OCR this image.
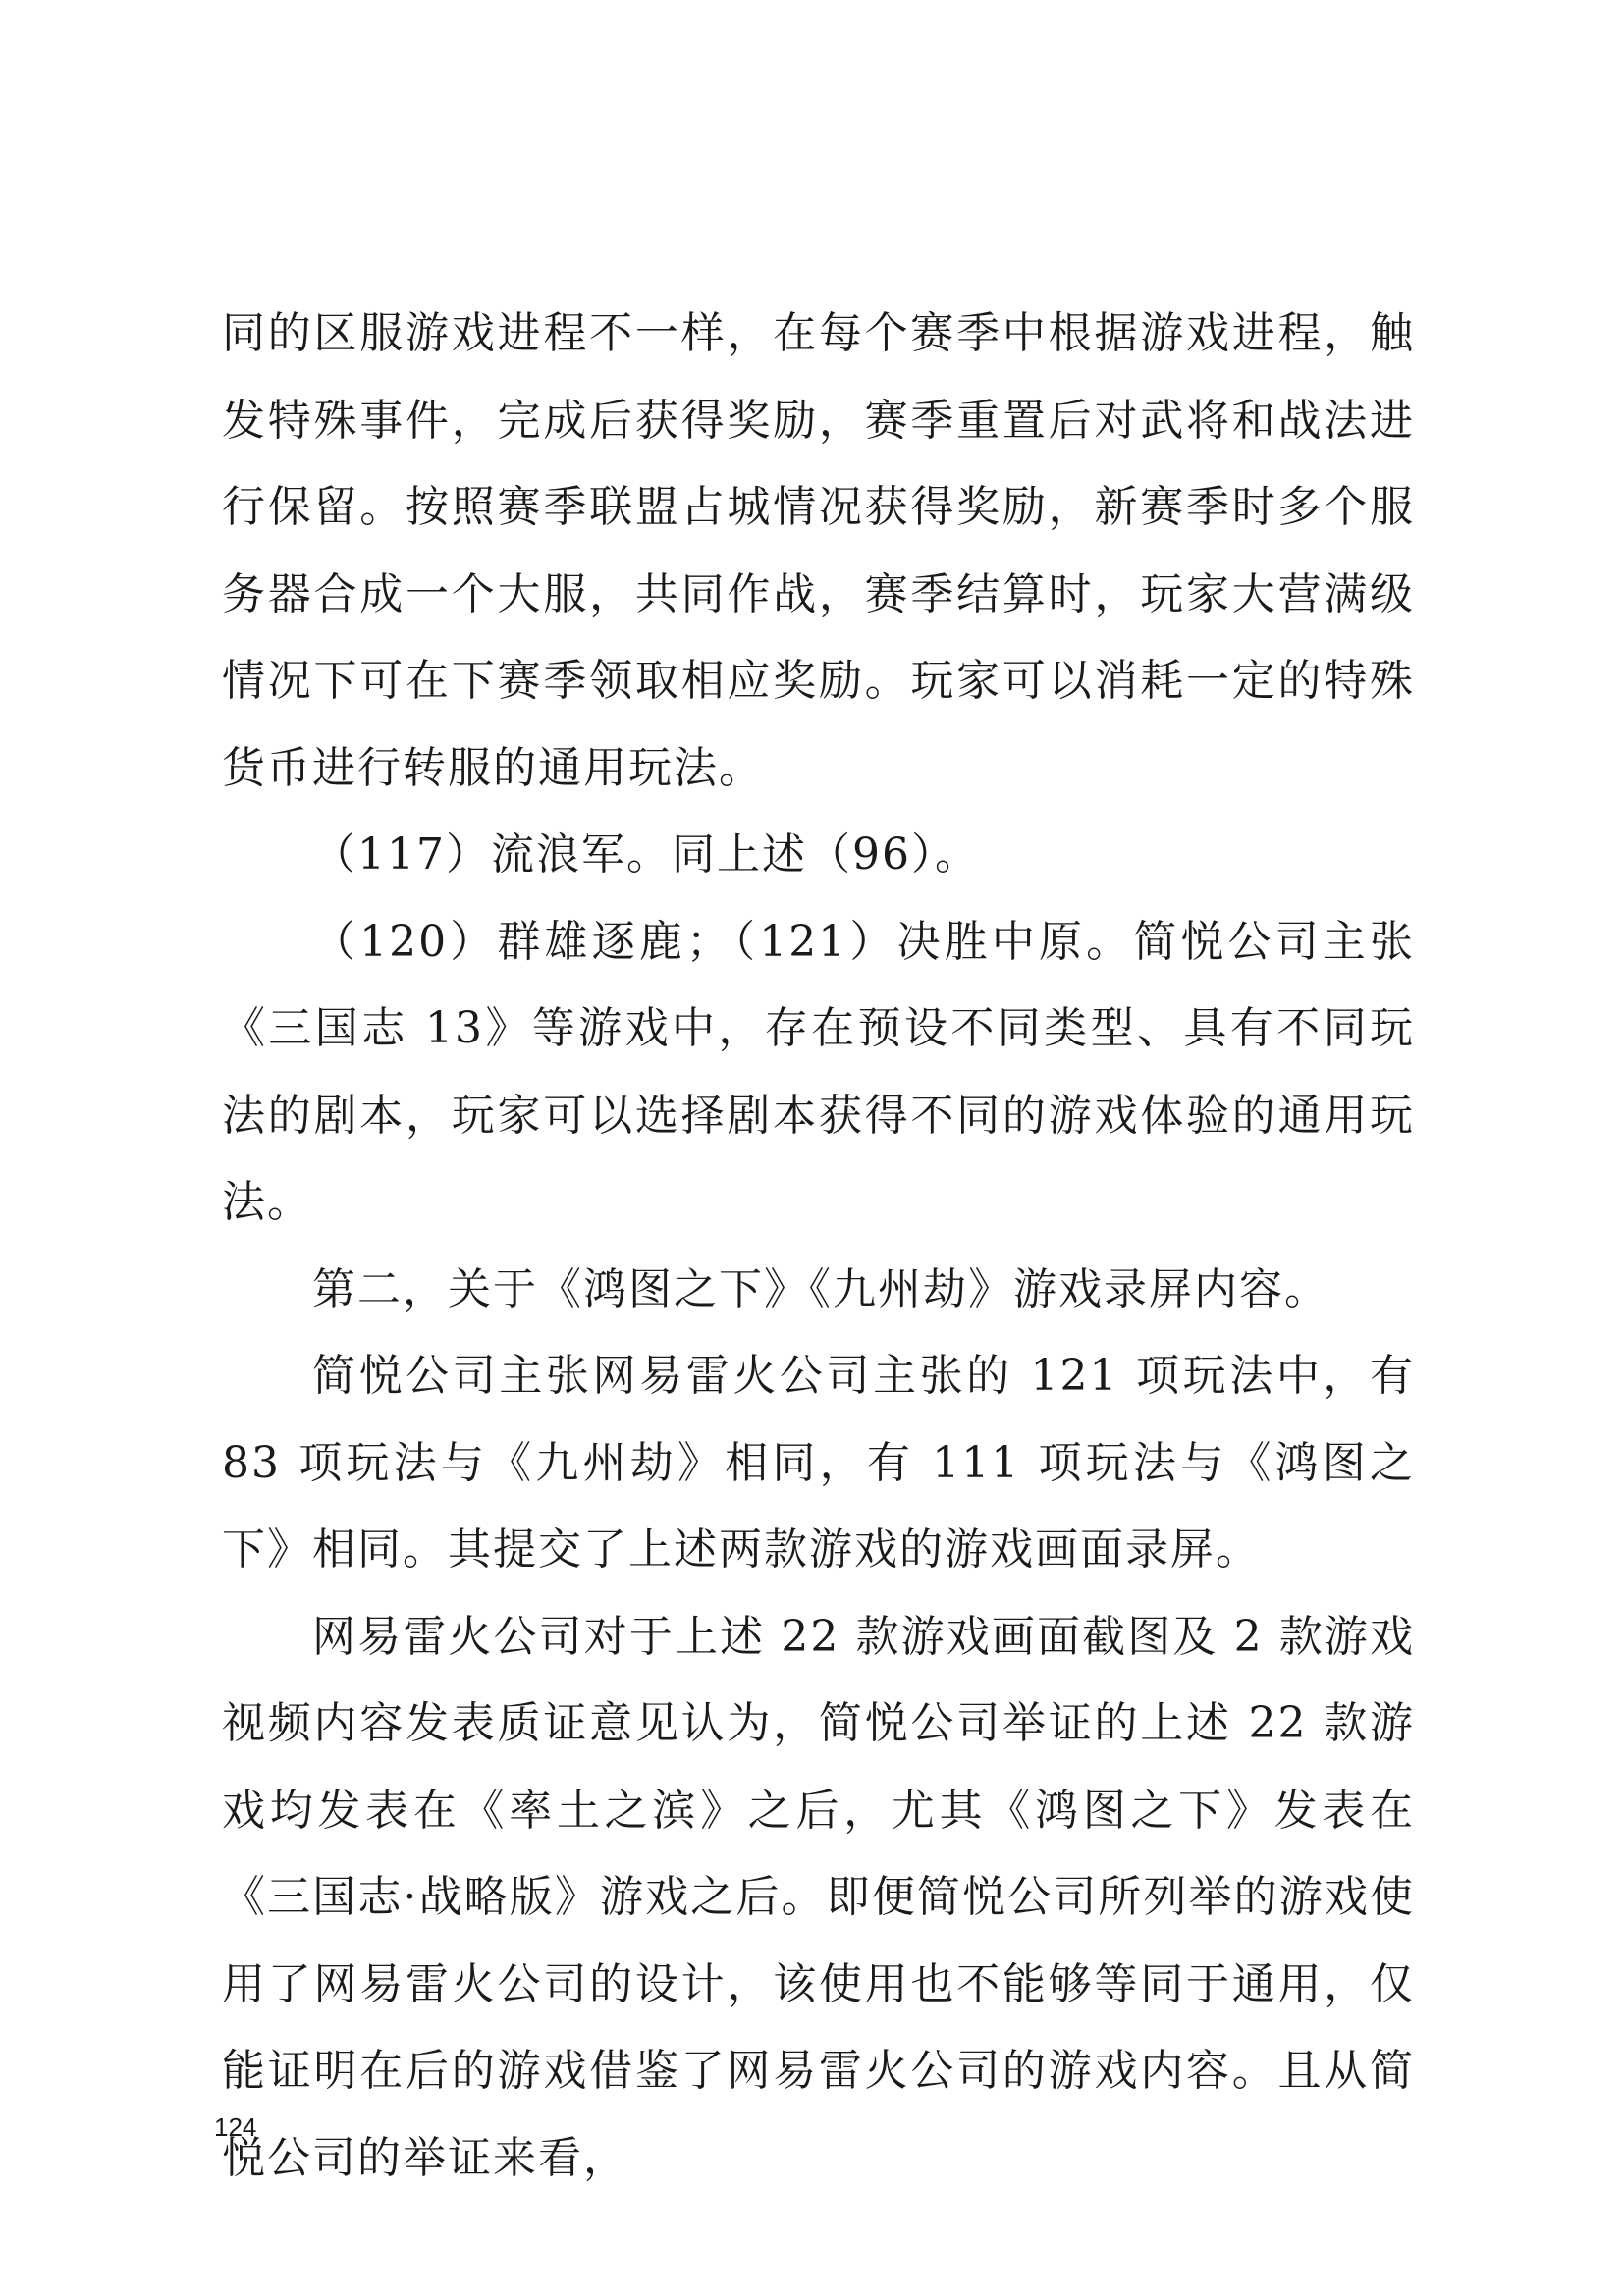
同的区服游戏进程不一样，在每个赛季中根据游戏进程，触发特殊事件，完成后获得奖励，赛季重置后对武将和战法进行保留。按照赛季联盟占城情况获得奖励，新赛季时多个服务器合成一个大服，共同作战，赛季结算时，玩家大营满级情况下可在下赛季领取相应奖励。玩家可以消耗一定的特殊货币进行转服的通用玩法。

（117）流浪军。同上述（96）。

（120）群雄逐鹿；（121）决胜中原。简悦公司主张《三国志 13》等游戏中，存在预设不同类型、具有不同玩法的剧本，玩家可以选择剧本获得不同的游戏体验的通用玩法。

第二，关于《鸿图之下》《九州劫》游戏录屏内容。

简悦公司主张网易雷火公司主张的 121 项玩法中，有 83 项玩法与《九州劫》相同，有 111 项玩法与《鸿图之下》相同。其提交了上述两款游戏的游戏画面录屏。

网易雷火公司对于上述 22 款游戏画面截图及 2 款游戏视频内容发表质证意见认为，简悦公司举证的上述 22 款游戏均发表在《率土之滨》之后，尤其《鸿图之下》发表在《三国志·战略版》游戏之后。即便简悦公司所列举的游戏使用了网易雷火公司的设计，该使用也不能够等同于通用，仅能证明在后的游戏借鉴了网易雷火公司的游戏内容。且从简悦公司的举证来看，

124
